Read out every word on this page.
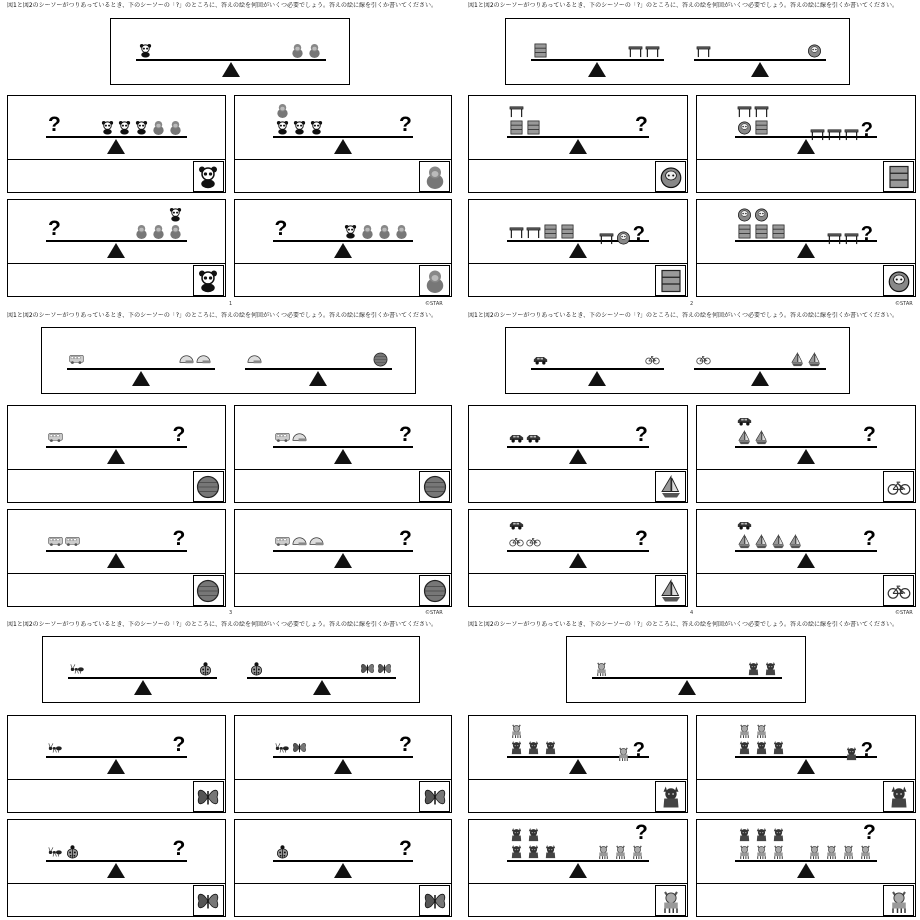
図1と図2のシーソーがつりあっているとき、下のシーソーの「?」のところに、答えの絵を何回がいくつ必要でしょう。答えの絵に線を引くか書いてください。	図1と図2のシーソーがつりあっているとき、下のシーソーの「?」のところに、答えの絵を何回がいくつ必要でしょう。答えの絵に線を引くか書いてください。
図1と図2のシーソーがつりあっているとき、下のシーソーの「?」のところに、答えの絵を何回がいくつ必要でしょう。答えの絵に線を引くか書いてください。	図1と図2のシーソーがつりあっているとき、下のシーソーの「?」のところに、答えの絵を何回がいくつ必要でしょう。答えの絵に線を引くか書いてください。
図1と図2のシーソーがつりあっているとき、下のシーソーの「?」のところに、答えの絵を何回がいくつ必要でしょう。答えの絵に線を引くか書いてください。	図1と図2のシーソーがつりあっているとき、下のシーソーの「?」のところに、答えの絵を何回がいくつ必要でしょう。答えの絵に線を引くか書いてください。
1	2
3	4
©STAR	©STAR
©STAR	©STAR
?	?
?	?
?	?
?	?
?	?
?	?
?	?
?	?
?	?
?	?
?	?
?	?
